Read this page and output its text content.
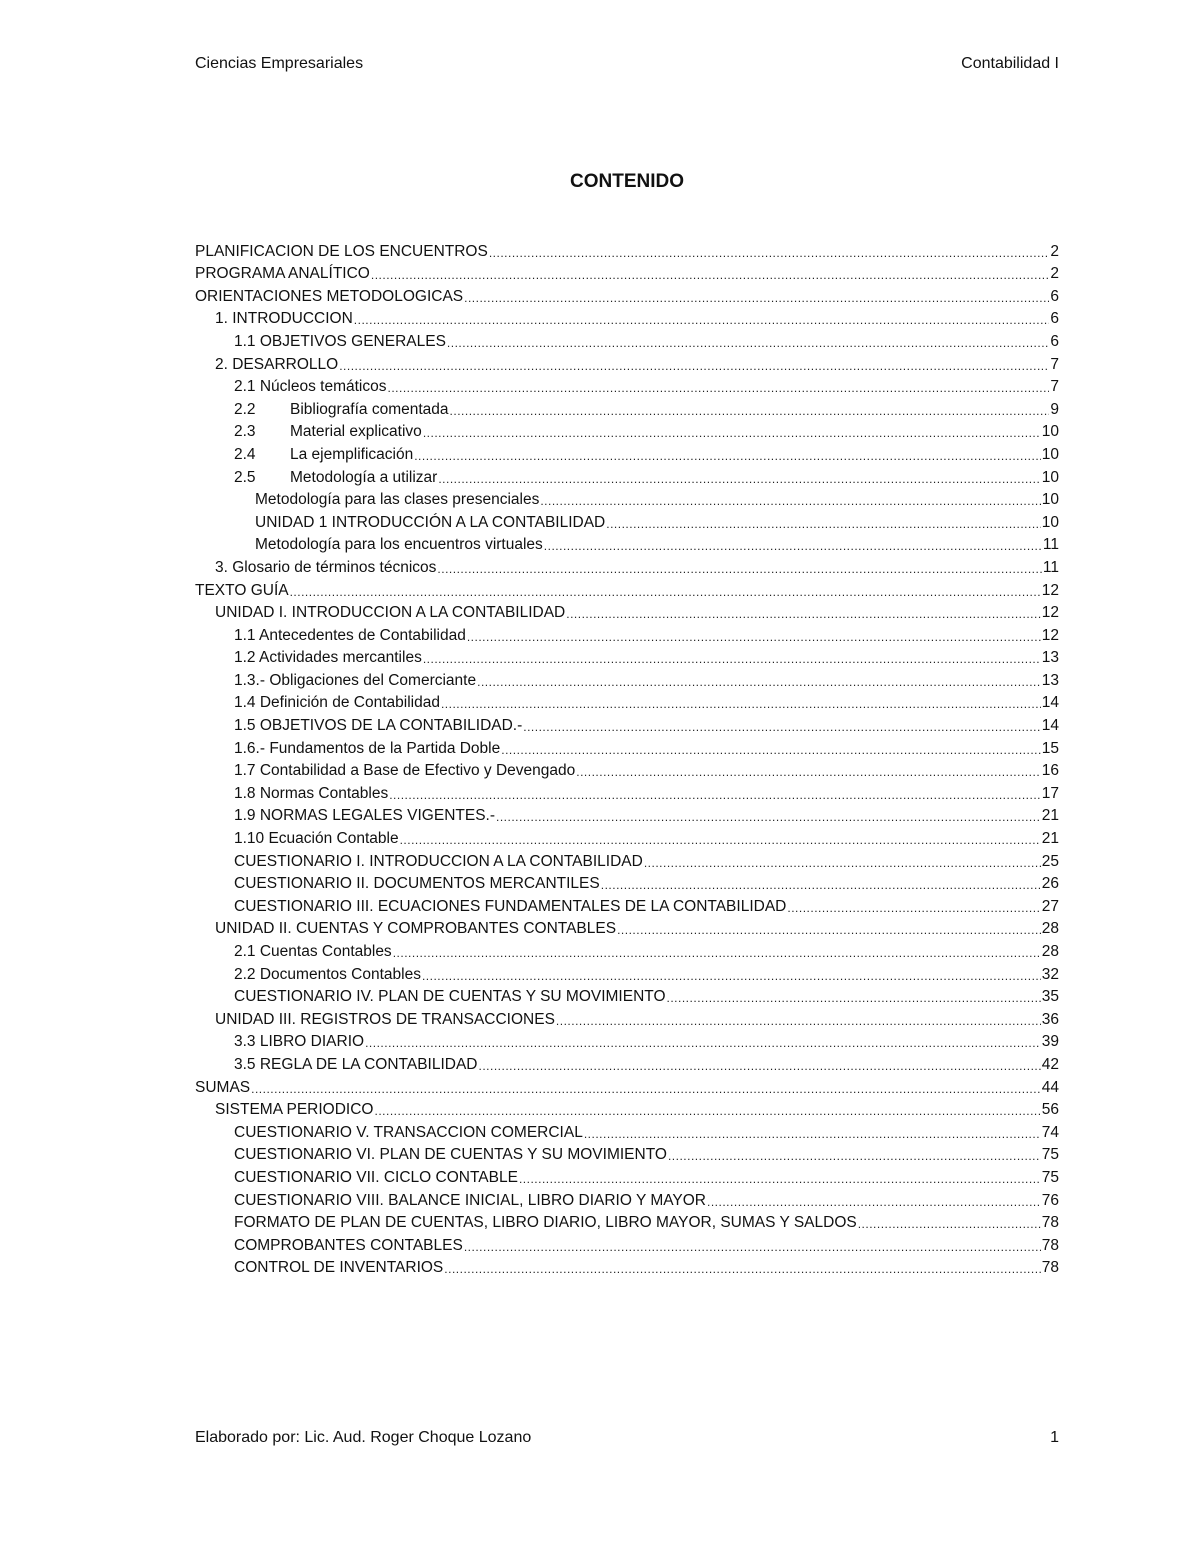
Ciencias Empresariales	Contabilidad I
CONTENIDO
PLANIFICACION DE LOS ENCUENTROS .....	2
PROGRAMA ANALÍTICO .....	2
ORIENTACIONES METODOLOGICAS .....	6
1. INTRODUCCION .....	6
1.1 OBJETIVOS GENERALES .....	6
2. DESARROLLO .....	7
2.1 Núcleos temáticos .....	7
2.2	Bibliografía comentada .....	9
2.3	Material explicativo .....	10
2.4	La ejemplificación .....	10
2.5	Metodología a utilizar .....	10
Metodología para las clases presenciales .....	10
UNIDAD 1 INTRODUCCIÓN A LA CONTABILIDAD .....	10
Metodología para los encuentros virtuales .....	11
3. Glosario de términos técnicos .....	11
TEXTO GUÍA .....	12
UNIDAD I. INTRODUCCION A LA CONTABILIDAD .....	12
1.1 Antecedentes de Contabilidad .....	12
1.2 Actividades mercantiles .....	13
1.3.- Obligaciones del Comerciante .....	13
1.4 Definición de Contabilidad .....	14
1.5 OBJETIVOS DE LA CONTABILIDAD.- .....	14
1.6.- Fundamentos de la Partida Doble .....	15
1.7 Contabilidad a Base de Efectivo y Devengado .....	16
1.8 Normas Contables .....	17
1.9 NORMAS LEGALES VIGENTES.- .....	21
1.10 Ecuación Contable .....	21
CUESTIONARIO I. INTRODUCCION A LA CONTABILIDAD .....	25
CUESTIONARIO II. DOCUMENTOS MERCANTILES .....	26
CUESTIONARIO III. ECUACIONES FUNDAMENTALES DE LA CONTABILIDAD .....	27
UNIDAD II. CUENTAS Y COMPROBANTES CONTABLES .....	28
2.1 Cuentas Contables .....	28
2.2 Documentos Contables .....	32
CUESTIONARIO IV. PLAN DE CUENTAS Y SU MOVIMIENTO .....	35
UNIDAD III. REGISTROS DE TRANSACCIONES .....	36
3.3 LIBRO DIARIO .....	39
3.5 REGLA DE LA CONTABILIDAD .....	42
SUMAS .....	44
SISTEMA PERIODICO .....	56
CUESTIONARIO V. TRANSACCION COMERCIAL .....	74
CUESTIONARIO VI. PLAN DE CUENTAS Y SU MOVIMIENTO .....	75
CUESTIONARIO VII. CICLO CONTABLE .....	75
CUESTIONARIO VIII. BALANCE INICIAL, LIBRO DIARIO Y MAYOR .....	76
FORMATO DE PLAN DE CUENTAS, LIBRO DIARIO, LIBRO MAYOR, SUMAS Y SALDOS .....	78
COMPROBANTES CONTABLES .....	78
CONTROL DE INVENTARIOS .....	78
Elaborado por: Lic. Aud. Roger Choque Lozano	1
